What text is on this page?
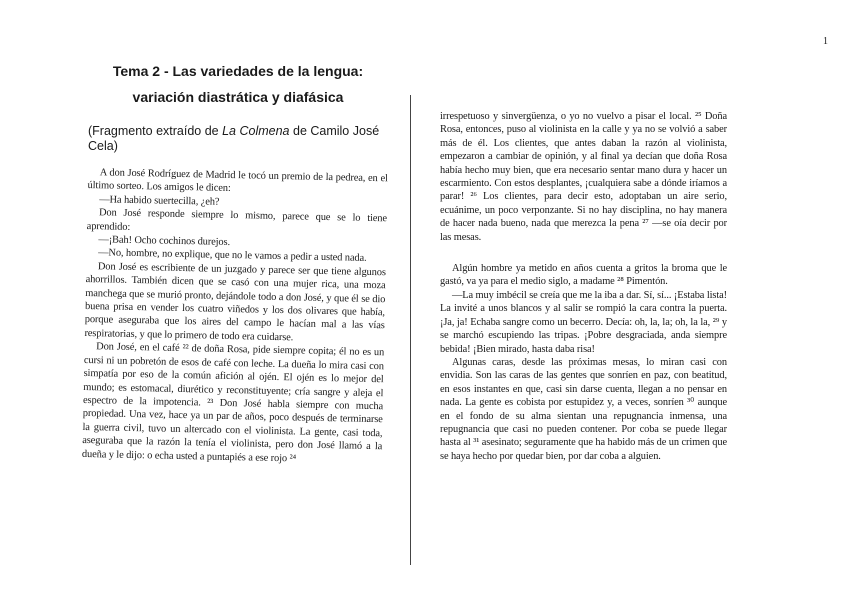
1
Tema 2 - Las variedades de la lengua:
variación diastrática y diafásica
(Fragmento extraído de La Colmena de Camilo José Cela)

A don José Rodríguez de Madrid le tocó un premio de la pedrea, en el último sorteo. Los amigos le dicen:

—Ha habido suertecilla, ¿eh?

Don José responde siempre lo mismo, parece que se lo tiene aprendido:

—¡Bah! Ocho cochinos durejos.

—No, hombre, no explique, que no le vamos a pedir a usted nada.

Don José es escribiente de un juzgado y parece ser que tiene algunos ahorrillos. También dicen que se casó con una mujer rica, una moza manchega que se murió pronto, dejándole todo a don José, y que él se dio buena prisa en vender los cuatro viñedos y los dos olivares que había, porque aseguraba que los aires del campo le hacían mal a las vías respiratorias, y que lo primero de todo era cuidarse.

Don José, en el café ²² de doña Rosa, pide siempre copita; él no es un cursi ni un pobretón de esos de café con leche. La dueña lo mira casi con simpatía por eso de la común afición al ojén. El ojén es lo mejor del mundo; es estomacal, diurético y reconstituyente; cría sangre y aleja el espectro de la impotencia. ²³ Don José habla siempre con mucha propiedad. Una vez, hace ya un par de años, poco después de terminarse la guerra civil, tuvo un altercado con el violinista. La gente, casi toda, aseguraba que la razón la tenía el violinista, pero don José llamó a la dueña y le dijo: o echa usted a puntapiés a ese rojo ²⁴

irrespetuoso y sinvergüenza, o yo no vuelvo a pisar el local. ²⁵ Doña Rosa, entonces, puso al violinista en la calle y ya no se volvió a saber más de él. Los clientes, que antes daban la razón al violinista, empezaron a cambiar de opinión, y al final ya decían que doña Rosa había hecho muy bien, que era necesario sentar mano dura y hacer un escarmiento. Con estos desplantes, ¡cualquiera sabe a dónde iríamos a parar! ²⁶ Los clientes, para decir esto, adoptaban un aire serio, ecuánime, un poco verponzante. Si no hay disciplina, no hay manera de hacer nada bueno, nada que merezca la pena ²⁷ —se oía decir por las mesas.

Algún hombre ya metido en años cuenta a gritos la broma que le gastó, va ya para el medio siglo, a madame ²⁸ Pimentón.

—La muy imbécil se creía que me la iba a dar. Sí, sí... ¡Estaba lista! La invité a unos blancos y al salir se rompió la cara contra la puerta. ¡Ja, ja! Echaba sangre como un becerro. Decía: oh, la, la; oh, la la, ²⁹ y se marchó escupiendo las tripas. ¡Pobre desgraciada, anda siempre bebida! ¡Bien mirado, hasta daba risa!

Algunas caras, desde las próximas mesas, lo miran casi con envidia. Son las caras de las gentes que sonríen en paz, con beatitud, en esos instantes en que, casi sin darse cuenta, llegan a no pensar en nada. La gente es cobista por estupidez y, a veces, sonríen ³⁰ aunque en el fondo de su alma sientan una repugnancia inmensa, una repugnancia que casi no pueden contener. Por coba se puede llegar hasta al ³¹ asesinato; seguramente que ha habido más de un crimen que se haya hecho por quedar bien, por dar coba a alguien.
